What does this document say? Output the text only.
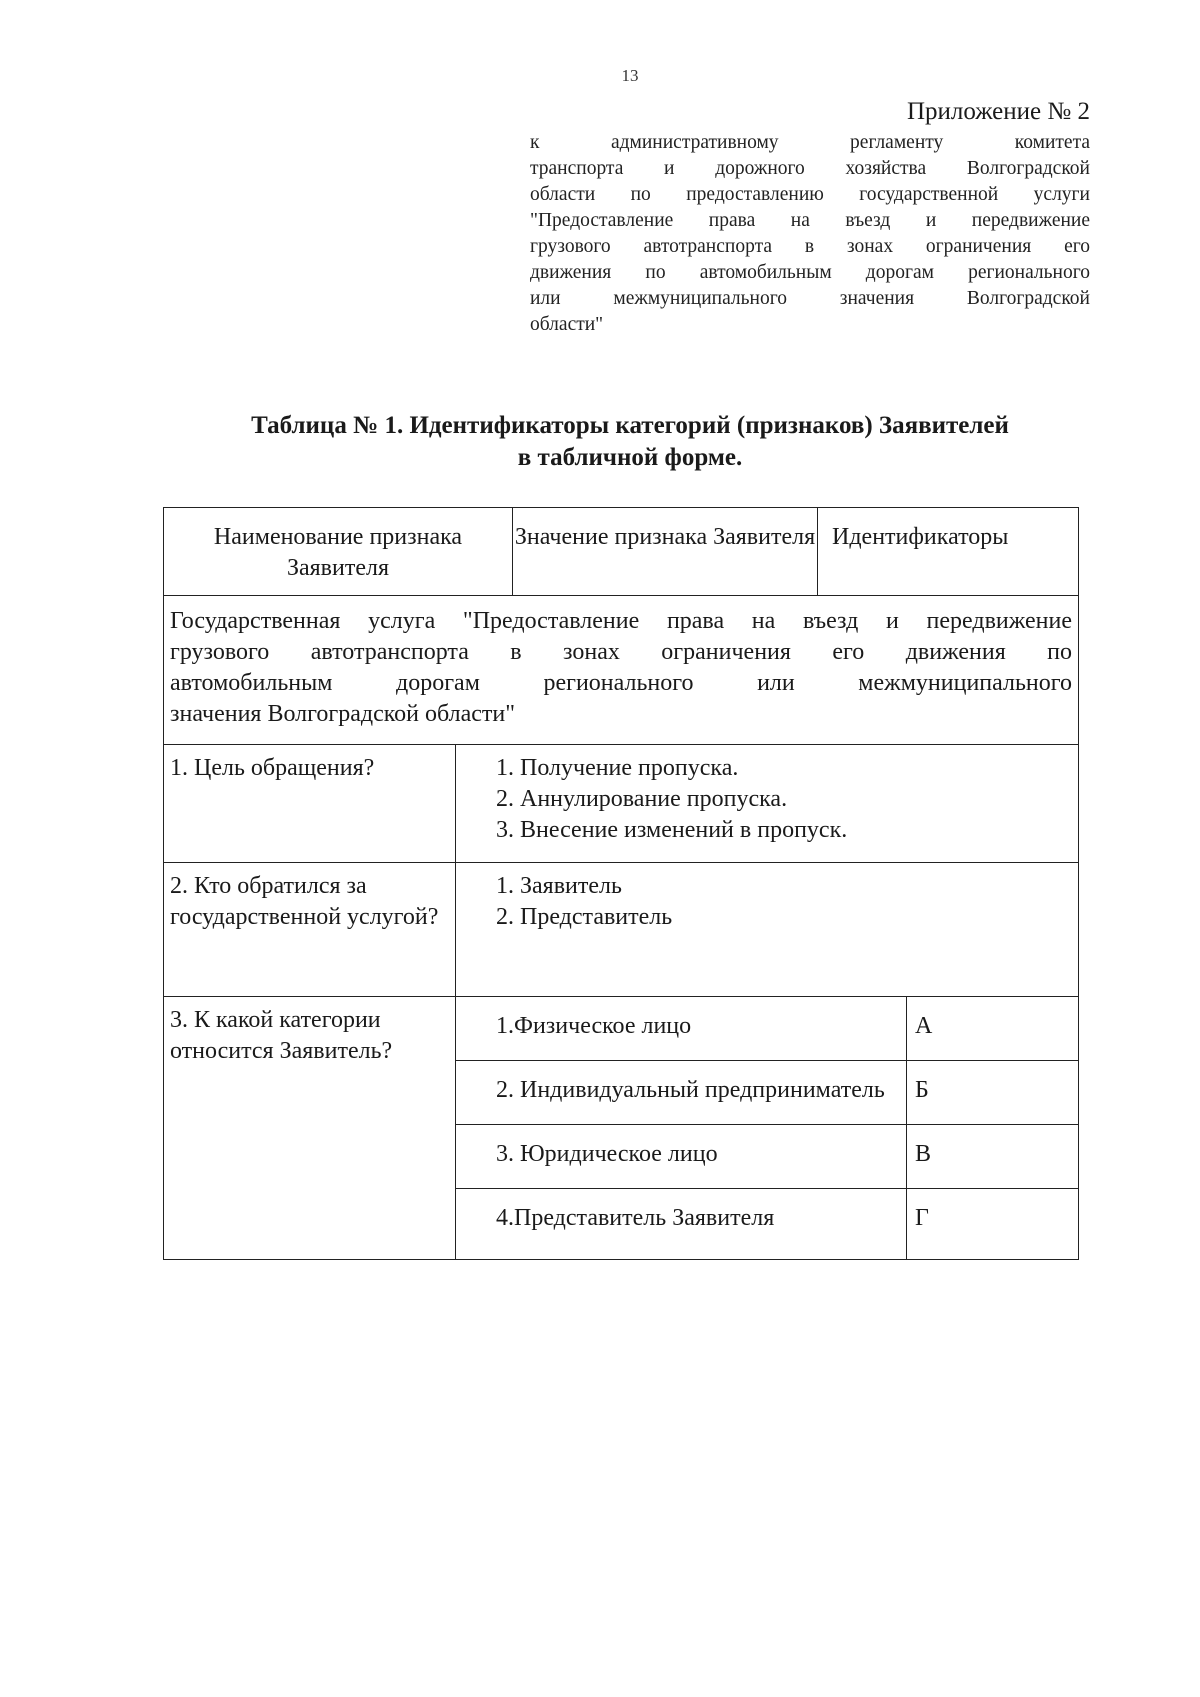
13
Приложение № 2
к административному регламенту комитета
транспорта и дорожного хозяйства Волгоградской
области по предоставлению государственной услуги
"Предоставление права на въезд и передвижение
грузового автотранспорта в зонах ограничения его
движения по автомобильным дорогам регионального
или межмуниципального значения Волгоградской
области"
Таблица № 1. Идентификаторы категорий (признаков) Заявителей
в табличной форме.
Наименование признака Заявителя		Значение признака Заявителя	Идентификаторы	

Государственная услуга "Предоставление права на въезд и передвижение
грузового автотранспорта в зонах ограничения его движения по
автомобильным дорогам регионального или межмуниципального
значения Волгоградской области"				

1. Цель обращения?	1. Получение пропуска.
2. Аннулирование пропуска.
3. Внесение изменений в пропуск.			

2. Кто обратился за государственной услугой?	1. Заявитель
2. Представитель			

3. К какой категории относится Заявитель?	1.Физическое лицо			А
	2. Индивидуальный предприниматель			Б
	3. Юридическое лицо			В
	4.Представитель Заявителя			Г
